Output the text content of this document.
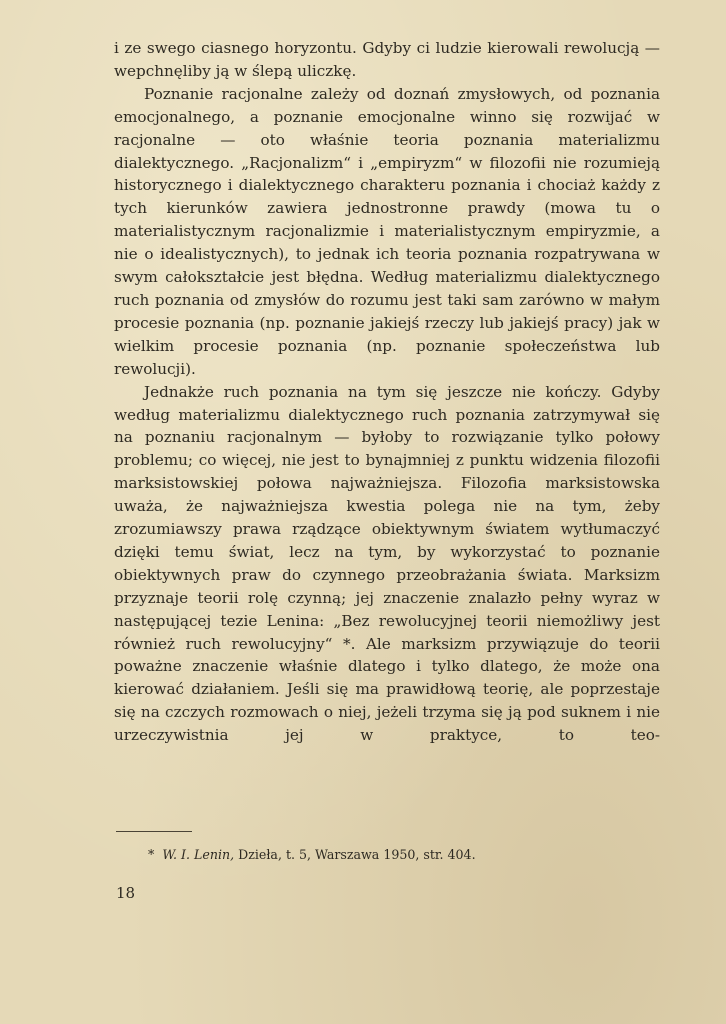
i ze swego ciasnego horyzontu. Gdyby ci ludzie kierowali rewolucją — wepchnęliby ją w ślepą uliczkę.

Poznanie racjonalne zależy od doznań zmysłowych, od poznania emocjonalnego, a poznanie emocjonalne winno się rozwijać w racjonalne — oto właśnie teoria poznania materializmu dialektycznego. „Racjonalizm“ i „empiryzm“ w filozofii nie rozumieją historycznego i dialektycznego charakteru poznania i chociaż każdy z tych kierunków zawiera jednostronne prawdy (mowa tu o materialistycznym racjonalizmie i materialistycznym empiryzmie, a nie o idealistycznych), to jednak ich teoria poznania rozpatrywana w swym całokształcie jest błędna. Według materializmu dialektycznego ruch poznania od zmysłów do rozumu jest taki sam zarówno w małym procesie poznania (np. poznanie jakiejś rzeczy lub jakiejś pracy) jak w wielkim procesie poznania (np. poznanie społeczeństwa lub rewolucji).

Jednakże ruch poznania na tym się jeszcze nie kończy. Gdyby według materializmu dialektycznego ruch poznania zatrzymywał się na poznaniu racjonalnym — byłoby to rozwiązanie tylko połowy problemu; co więcej, nie jest to bynajmniej z punktu widzenia filozofii marksistowskiej połowa najważniejsza. Filozofia marksistowska uważa, że najważniejsza kwestia polega nie na tym, żeby zrozumiawszy prawa rządzące obiektywnym światem wytłumaczyć dzięki temu świat, lecz na tym, by wykorzystać to poznanie obiektywnych praw do czynnego przeobrażania świata. Marksizm przyznaje teorii rolę czynną; jej znaczenie znalazło pełny wyraz w następującej tezie Lenina: „Bez rewolucyjnej teorii niemożliwy jest również ruch rewolucyjny“ *. Ale marksizm przywiązuje do teorii poważne znaczenie właśnie dlatego i tylko dlatego, że może ona kierować działaniem. Jeśli się ma prawidłową teorię, ale poprzestaje się na czczych rozmowach o niej, jeżeli trzyma się ją pod suknem i nie urzeczywistnia jej w praktyce, to teo-

* W. I. Lenin, Dzieła, t. 5, Warszawa 1950, str. 404.
18
